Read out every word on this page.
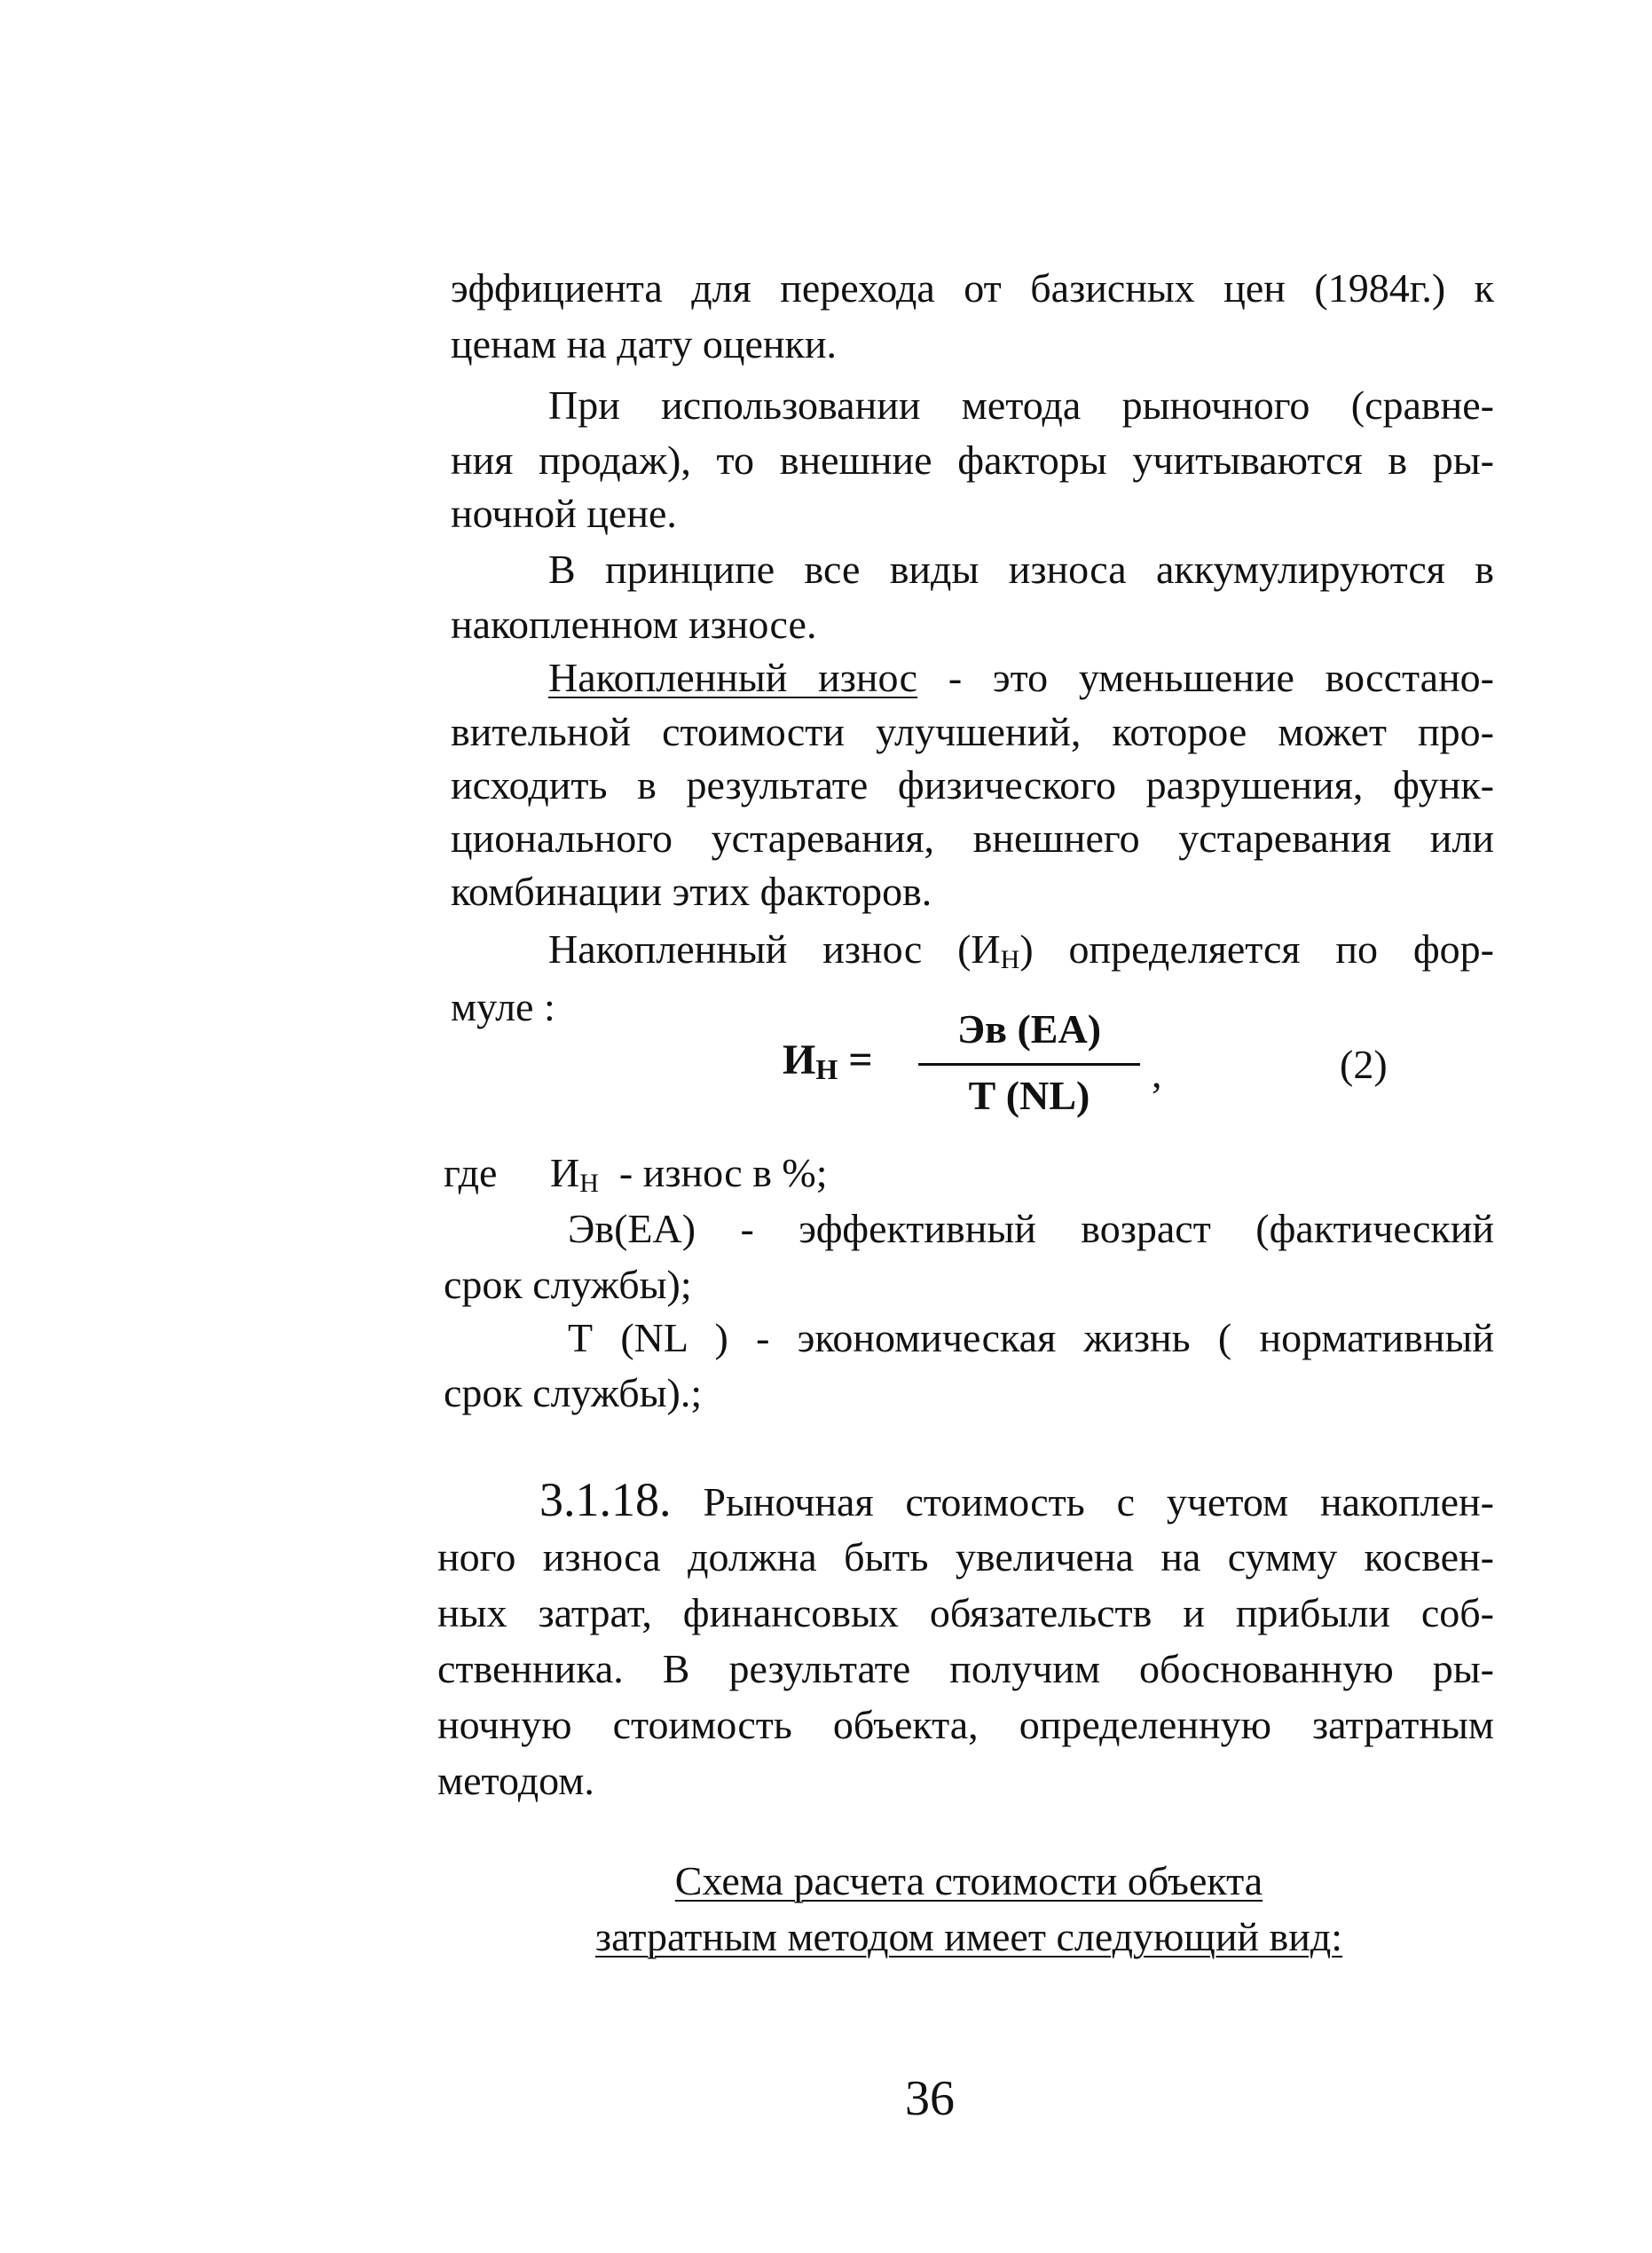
эффициента для перехода от базисных цен (1984г.) к

ценам на дату оценки.

При использовании метода рыночного (сравне-

ния продаж), то внешние факторы учитываются в ры-

ночной цене.

В принципе все виды износа аккумулируются в

накопленном износе.

Накопленный износ - это уменьшение восстано-

вительной стоимости улучшений, которое может про-

исходить в результате физического разрушения, функ-

ционального устаревания, внешнего устаревания или

комбинации этих факторов.

Накопленный износ $(И_Н)$ определяется по фор-

муле :

ИН =
Эв (ЕА)
Т (NL)	,	(2)

где $И_Н$ - износ в %;

Эв(ЕА) - эффективный возраст (фактический

срок службы);

Т (NL ) - экономическая жизнь ( нормативный

срок службы).;

3.1.18. Рыночная стоимость с учетом накоплен-

ного износа должна быть увеличена на сумму косвен-

ных затрат, финансовых обязательств и прибыли соб-

ственника. В результате получим обоснованную ры-

ночную стоимость объекта, определенную затратным

методом.

Схема расчета стоимости объекта

затратным методом имеет следующий вид:

36
